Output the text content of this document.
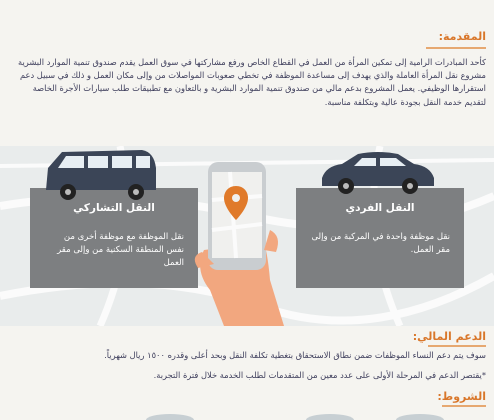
المقدمة:

كأحد المبادرات الرامية إلى تمكين المرأة من العمل في القطاع الخاص ورفع مشاركتها في سوق العمل يقدم صندوق تنمية الموارد البشرية مشروع نقل المرأة العاملة والذي يهدف إلى مساعدة الموظفة في تخطي صعوبات المواصلات من وإلى مكان العمل و ذلك في سبيل دعم استقرارها الوظيفي. يعمل المشروع بدعم مالي من صندوق تنمية الموارد البشرية و بالتعاون مع تطبيقات طلب سيارات الأجرة الخاصة لتقديم خدمة النقل بجودة عالية وبتكلفة مناسبة.

النقل التشاركي
نقل الموظفة مع موظفة أخرى من نفس المنطقة السكنية من وإلى مقر العمل
النقل الفردي
نقل موظفة واحدة في المركبة من وإلى مقر العمل.
الدعم المالي:
سوف يتم دعم النساء الموظفات ضمن نطاق الاستحقاق بتغطية تكلفة النقل وبحد أعلى وقدره ١٥٠٠ ريال شهرياً.
*يقتصر الدعم في المرحلة الأولى على عدد معين من المتقدمات لطلب الخدمة خلال فترة التجربة.
الشروط:
